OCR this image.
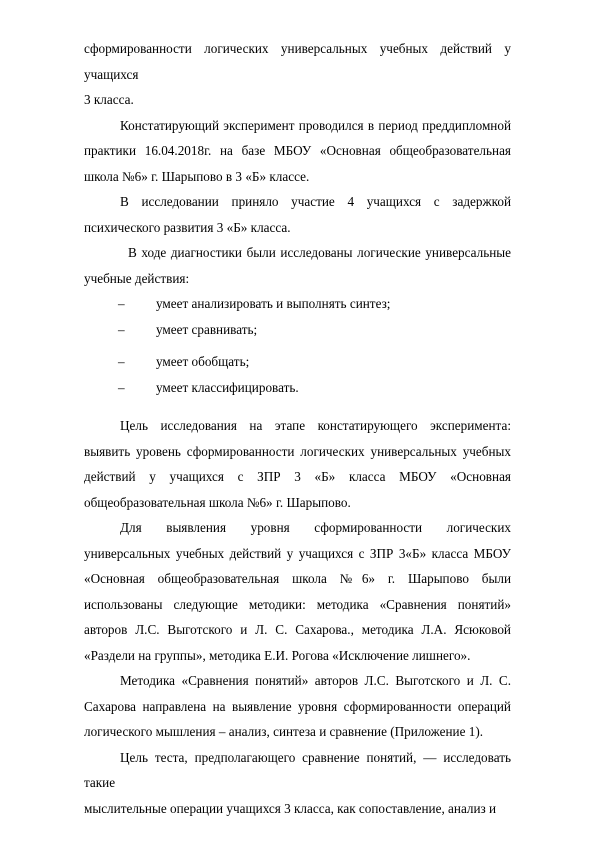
сформированности логических универсальных учебных действий у учащихся
3 класса.

Констатирующий эксперимент проводился в период преддипломной практики 16.04.2018г. на базе МБОУ «Основная общеобразовательная школа №6» г. Шарыпово в 3 «Б» классе.

В исследовании приняло участие 4 учащихся с задержкой психического развития 3 «Б» класса.

В ходе диагностики были исследованы логические универсальные учебные действия:

– умеет анализировать и выполнять синтез;
– умеет сравнивать;
– умеет обобщать;
– умеет классифицировать.

Цель исследования на этапе констатирующего эксперимента: выявить уровень сформированности логических универсальных учебных действий у учащихся с ЗПР 3 «Б» класса МБОУ «Основная общеобразовательная школа №6» г. Шарыпово.

Для выявления уровня сформированности логических универсальных учебных действий у учащихся с ЗПР 3«Б» класса МБОУ «Основная общеобразовательная школа №6» г. Шарыпово были использованы следующие методики: методика «Сравнения понятий» авторов Л.С. Выготского и Л. С. Сахарова., методика Л.А. Ясюковой «Раздели на группы», методика Е.И. Рогова «Исключение лишнего».

Методика «Сравнения понятий» авторов Л.С. Выготского и Л. С. Сахарова направлена на выявление уровня сформированности операций логического мышления – анализ, синтеза и сравнение (Приложение 1).

Цель теста, предполагающего сравнение понятий, — исследовать такие
мыслительные операции учащихся 3 класса, как сопоставление, анализ и
